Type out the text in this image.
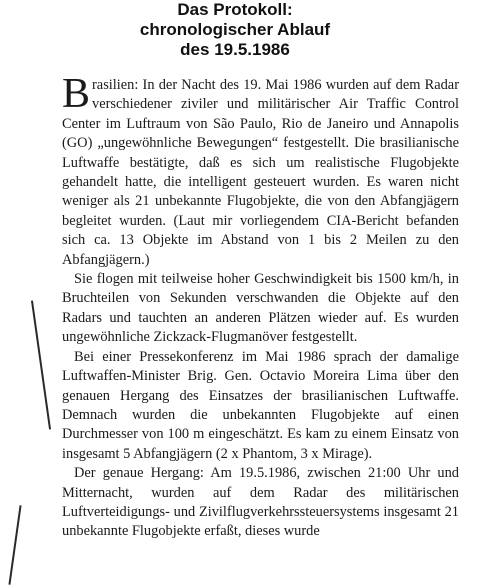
Das Protokoll:
chronologischer Ablauf
des 19.5.1986

Brasilien: In der Nacht des 19. Mai 1986 wurden auf dem Radar verschiedener ziviler und militärischer Air Traffic Control Center im Luftraum von São Paulo, Rio de Janeiro und Annapolis (GO) „ungewöhnliche Bewegungen“ festgestellt. Die brasilianische Luftwaffe bestätigte, daß es sich um realistische Flugobjekte gehandelt hatte, die intelligent gesteuert wurden. Es waren nicht weniger als 21 unbekannte Flugobjekte, die von den Abfangjägern begleitet wurden. (Laut mir vorliegendem CIA-Bericht befanden sich ca. 13 Objekte im Abstand von 1 bis 2 Meilen zu den Abfangjägern.)

Sie flogen mit teilweise hoher Geschwindigkeit bis 1500 km/h, in Bruchteilen von Sekunden verschwanden die Objekte auf den Radars und tauchten an anderen Plätzen wieder auf. Es wurden ungewöhnliche Zickzack-Flugmanöver festgestellt.

Bei einer Pressekonferenz im Mai 1986 sprach der damalige Luftwaffen-Minister Brig. Gen. Octavio Moreira Lima über den genauen Hergang des Einsatzes der brasilianischen Luftwaffe. Demnach wurden die unbekannten Flugobjekte auf einen Durchmesser von 100 m eingeschätzt. Es kam zu einem Einsatz von insgesamt 5 Abfangjägern (2 x Phantom, 3 x Mirage).

Der genaue Hergang: Am 19.5.1986, zwischen 21:00 Uhr und Mitternacht, wurden auf dem Radar des militärischen Luftverteidigungs- und Zivilflugverkehrssteuersystems insgesamt 21 unbekannte Flugobjekte erfaßt, dieses wurde
